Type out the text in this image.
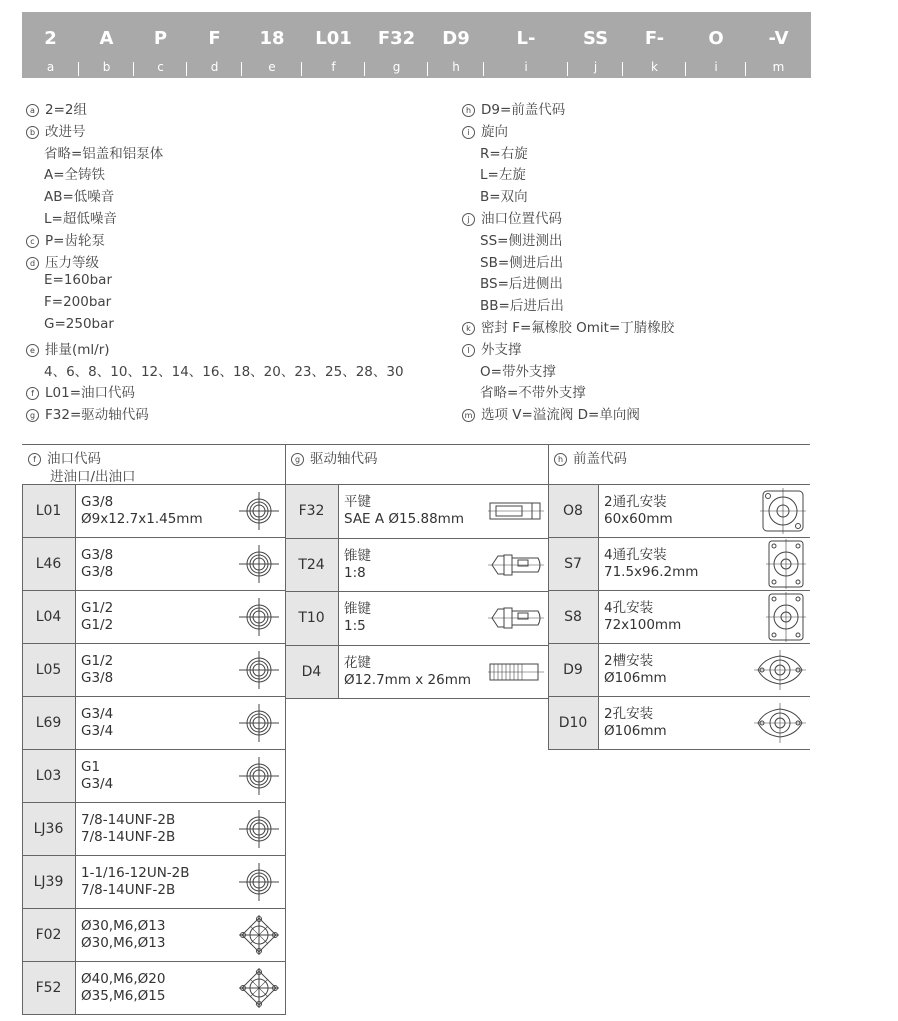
2
a
A
b
P
c
F
d
18
e
L01
f
F32
g
D9
h
L-
i
SS
j
F-
k
O
i
-V
m
a 2=2组
b 改进号
省略=铝盖和铝泵体
A=全铸铁
AB=低噪音
L=超低噪音
c P=齿轮泵
d 压力等级
E=160bar
F=200bar
G=250bar
e 排量(ml/r)
4、6、8、10、12、14、16、18、20、23、25、28、30
f L01=油口代码
g F32=驱动轴代码
h D9=前盖代码
i 旋向
R=右旋
L=左旋
B=双向
j 油口位置代码
SS=侧进测出
SB=侧进后出
BS=后进侧出
BB=后进后出
k 密封 F=氟橡胶 Omit=丁腈橡胶
l 外支撑
O=带外支撑
省略=不带外支撑
m 选项 V=溢流阀 D=单向阀
f 油口代码
进油口/出油口
L01
G3/8
Ø9x12.7x1.45mm
L46
G3/8
G3/8
L04
G1/2
G1/2
L05
G1/2
G3/8
L69
G3/4
G3/4
L03
G1
G3/4
LJ36
7/8-14UNF-2B
7/8-14UNF-2B
LJ39
1-1/16-12UN-2B
7/8-14UNF-2B
F02
Ø30,M6,Ø13
Ø30,M6,Ø13
F52
Ø40,M6,Ø20
Ø35,M6,Ø15
g 驱动轴代码
F32
平键
SAE A Ø15.88mm
T24
锥键
1:8
T10
锥键
1:5
D4
花键
Ø12.7mm x 26mm
h 前盖代码
O8
2通孔安装
60x60mm
S7
4通孔安装
71.5x96.2mm
S8
4孔安装
72x100mm
D9
2槽安装
Ø106mm
D10
2孔安装
Ø106mm
